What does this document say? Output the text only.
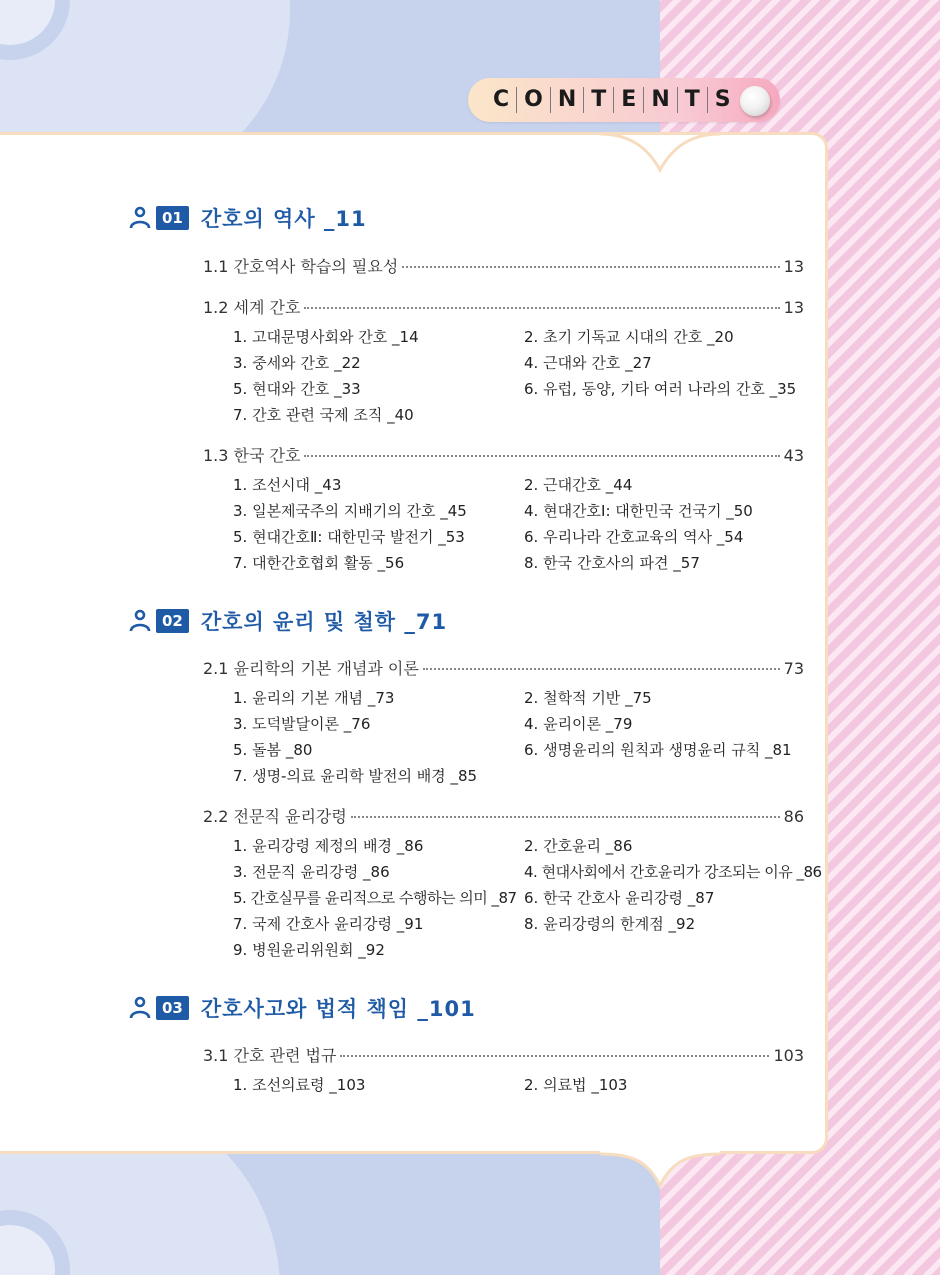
C O N T E N T S
01 간호의 역사 _11
1.1 간호역사 학습의 필요성	13
1.2 세계 간호	13
1. 고대문명사회와 간호 _14	2. 초기 기독교 시대의 간호 _20
3. 중세와 간호 _22	4. 근대와 간호 _27
5. 현대와 간호 _33	6. 유럽, 동양, 기타 여러 나라의 간호 _35
7. 간호 관련 국제 조직 _40
1.3 한국 간호	43
1. 조선시대 _43	2. 근대간호 _44
3. 일본제국주의 지배기의 간호 _45	4. 현대간호Ⅰ: 대한민국 건국기 _50
5. 현대간호Ⅱ: 대한민국 발전기 _53	6. 우리나라 간호교육의 역사 _54
7. 대한간호협회 활동 _56	8. 한국 간호사의 파견 _57
02 간호의 윤리 및 철학 _71
2.1 윤리학의 기본 개념과 이론	73
1. 윤리의 기본 개념 _73	2. 철학적 기반 _75
3. 도덕발달이론 _76	4. 윤리이론 _79
5. 돌봄 _80	6. 생명윤리의 원칙과 생명윤리 규칙 _81
7. 생명-의료 윤리학 발전의 배경 _85
2.2 전문직 윤리강령	86
1. 윤리강령 제정의 배경 _86	2. 간호윤리 _86
3. 전문직 윤리강령 _86	4. 현대사회에서 간호윤리가 강조되는 이유 _86
5. 간호실무를 윤리적으로 수행하는 의미 _87 6. 한국 간호사 윤리강령 _87
7. 국제 간호사 윤리강령 _91	8. 윤리강령의 한계점 _92
9. 병원윤리위원회 _92
03 간호사고와 법적 책임 _101
3.1 간호 관련 법규	103
1. 조선의료령 _103	2. 의료법 _103
